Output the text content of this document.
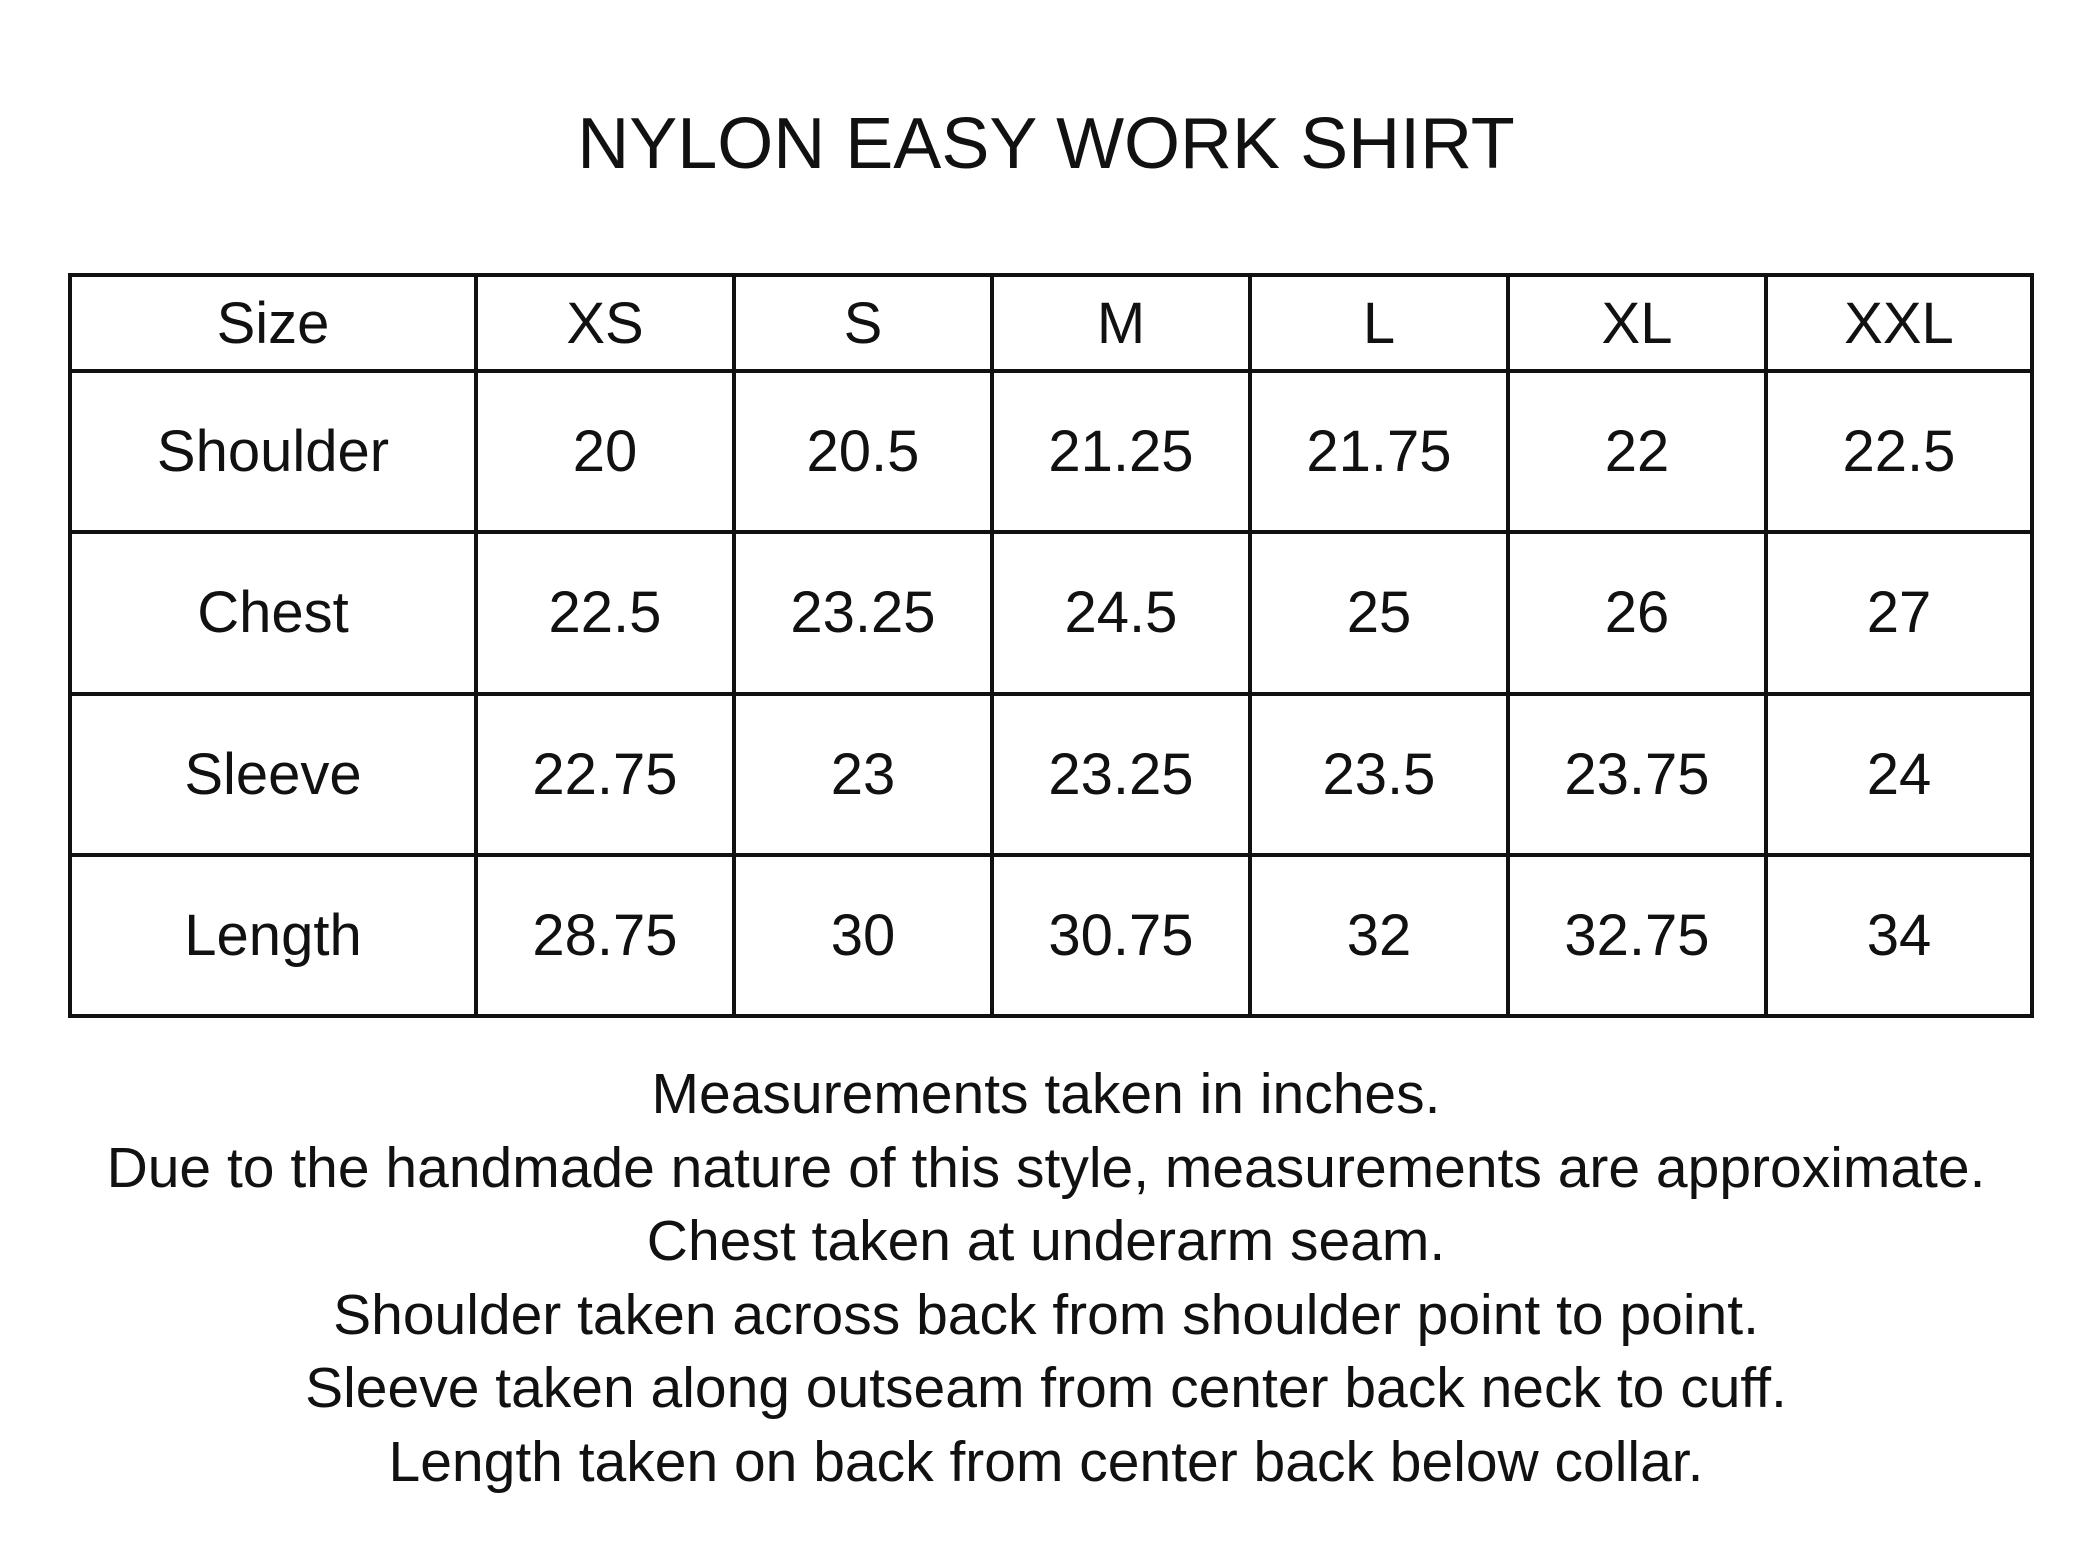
NYLON EASY WORK SHIRT
Size	XS	S	M	L	XL	XXL
Shoulder	20	20.5	21.25	21.75	22	22.5
Chest	22.5	23.25	24.5	25	26	27
Sleeve	22.75	23	23.25	23.5	23.75	24
Length	28.75	30	30.75	32	32.75	34
Measurements taken in inches.
Due to the handmade nature of this style, measurements are approximate.
Chest taken at underarm seam.
Shoulder taken across back from shoulder point to point.
Sleeve taken along outseam from center back neck to cuff.
Length taken on back from center back below collar.
